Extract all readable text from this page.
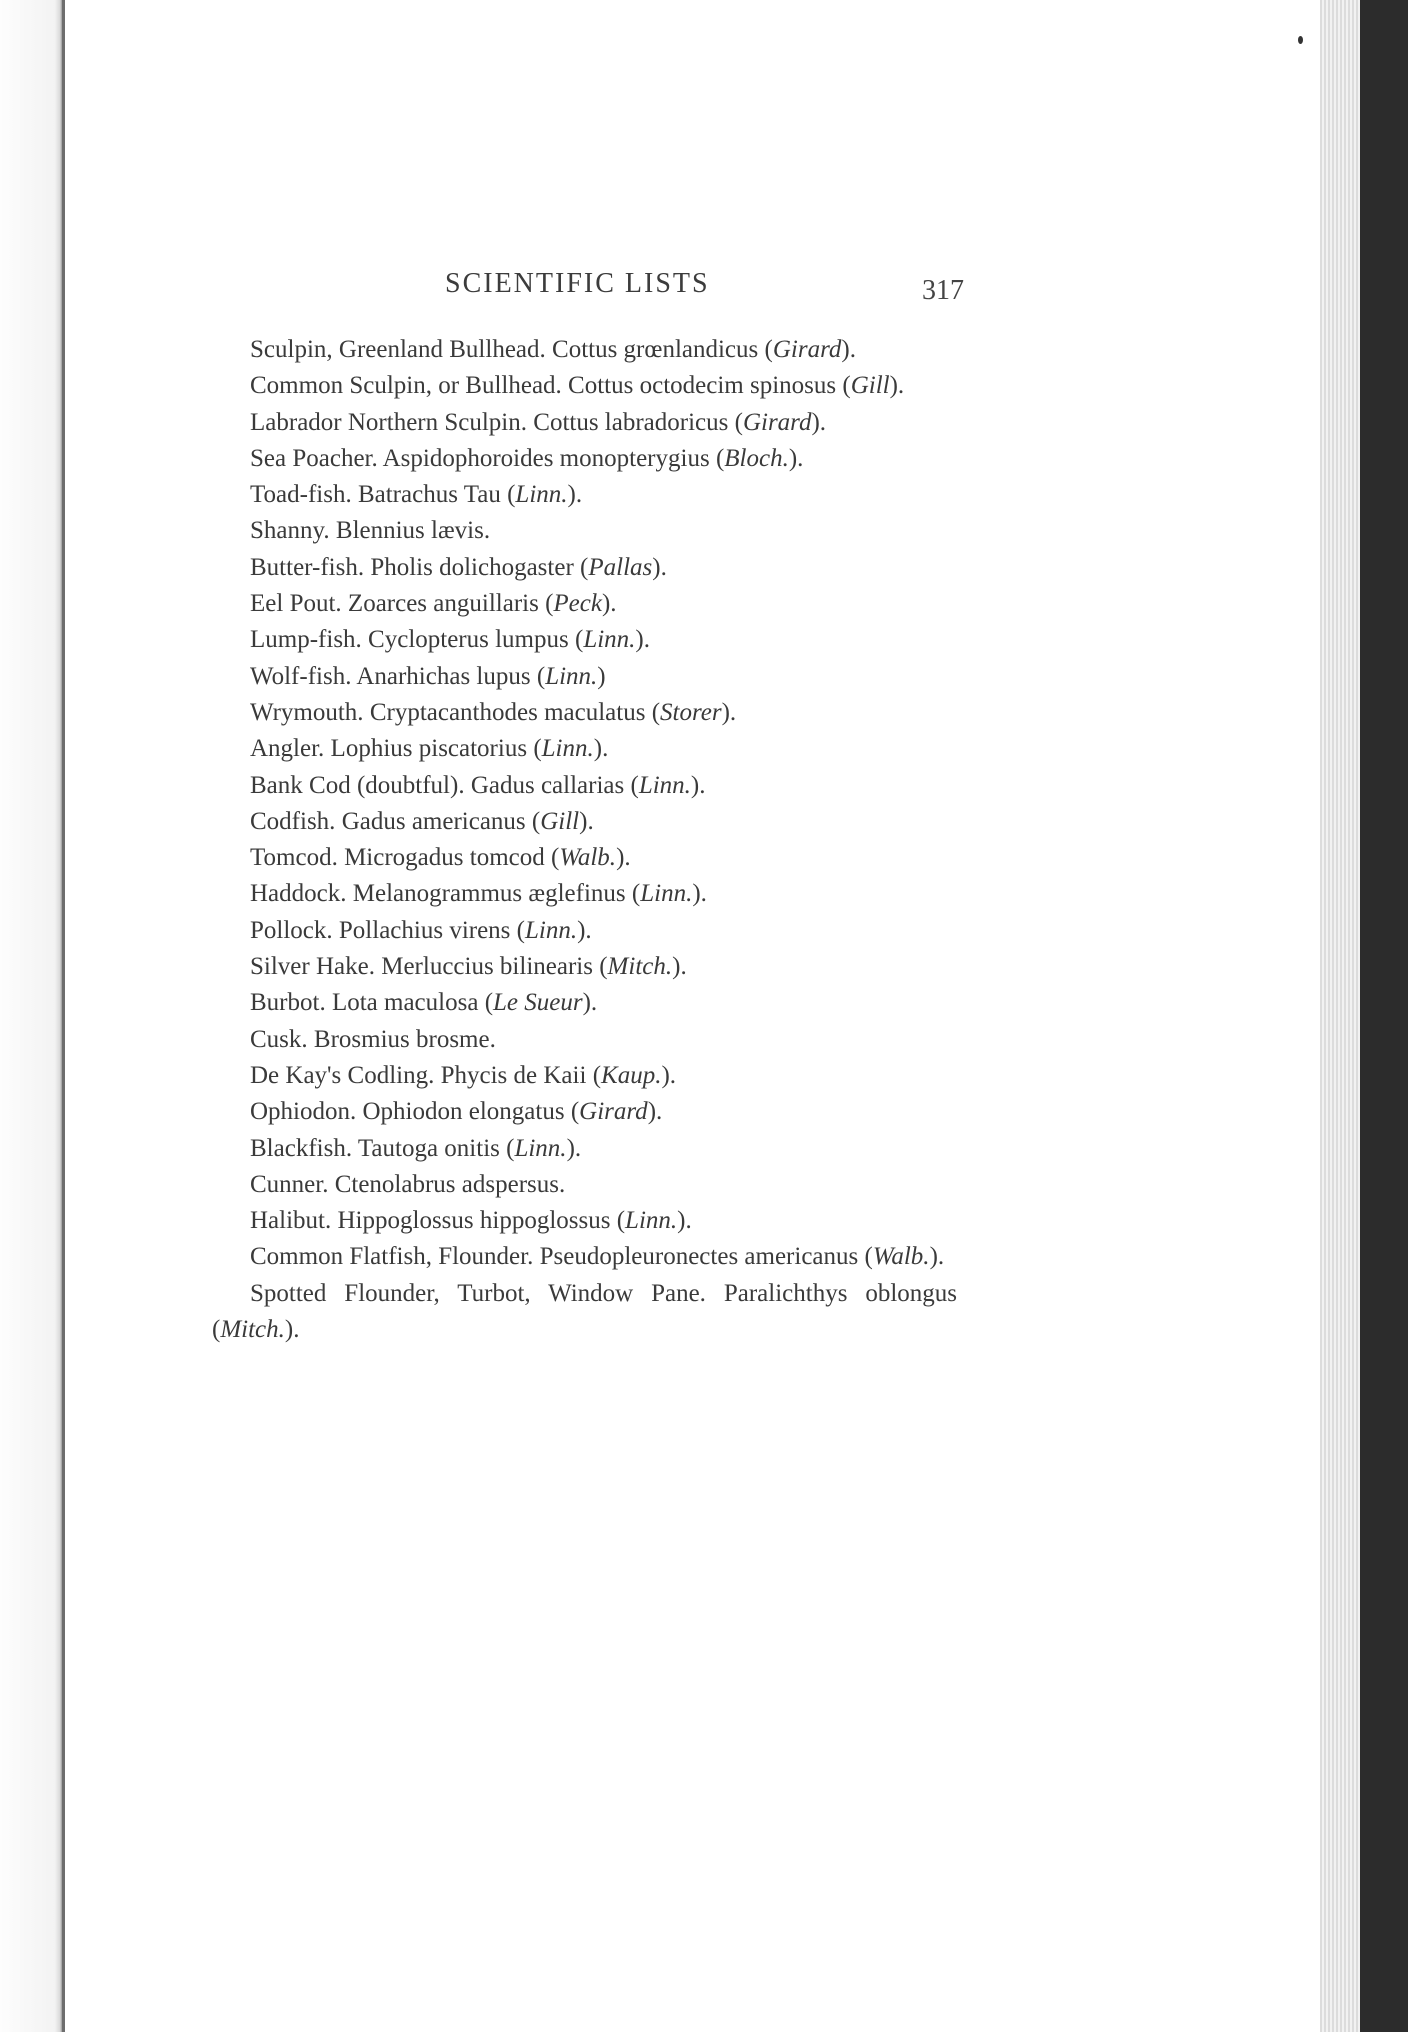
SCIENTIFIC LISTS	317
Sculpin, Greenland Bullhead. Cottus grœnlandicus (Girard).
Common Sculpin, or Bullhead. Cottus octodecim spinosus (Gill).
Labrador Northern Sculpin. Cottus labradoricus (Girard).
Sea Poacher. Aspidophoroides monopterygius (Bloch.).
Toad-fish. Batrachus Tau (Linn.).
Shanny. Blennius lævis.
Butter-fish. Pholis dolichogaster (Pallas).
Eel Pout. Zoarces anguillaris (Peck).
Lump-fish. Cyclopterus lumpus (Linn.).
Wolf-fish. Anarhichas lupus (Linn.)
Wrymouth. Cryptacanthodes maculatus (Storer).
Angler. Lophius piscatorius (Linn.).
Bank Cod (doubtful). Gadus callarias (Linn.).
Codfish. Gadus americanus (Gill).
Tomcod. Microgadus tomcod (Walb.).
Haddock. Melanogrammus æglefinus (Linn.).
Pollock. Pollachius virens (Linn.).
Silver Hake. Merluccius bilinearis (Mitch.).
Burbot. Lota maculosa (Le Sueur).
Cusk. Brosmius brosme.
De Kay's Codling. Phycis de Kaii (Kaup.).
Ophiodon. Ophiodon elongatus (Girard).
Blackfish. Tautoga onitis (Linn.).
Cunner. Ctenolabrus adspersus.
Halibut. Hippoglossus hippoglossus (Linn.).
Common Flatfish, Flounder. Pseudopleuronectes americanus (Walb.).
Spotted Flounder, Turbot, Window Pane. Paralichthys oblongus (Mitch.).
